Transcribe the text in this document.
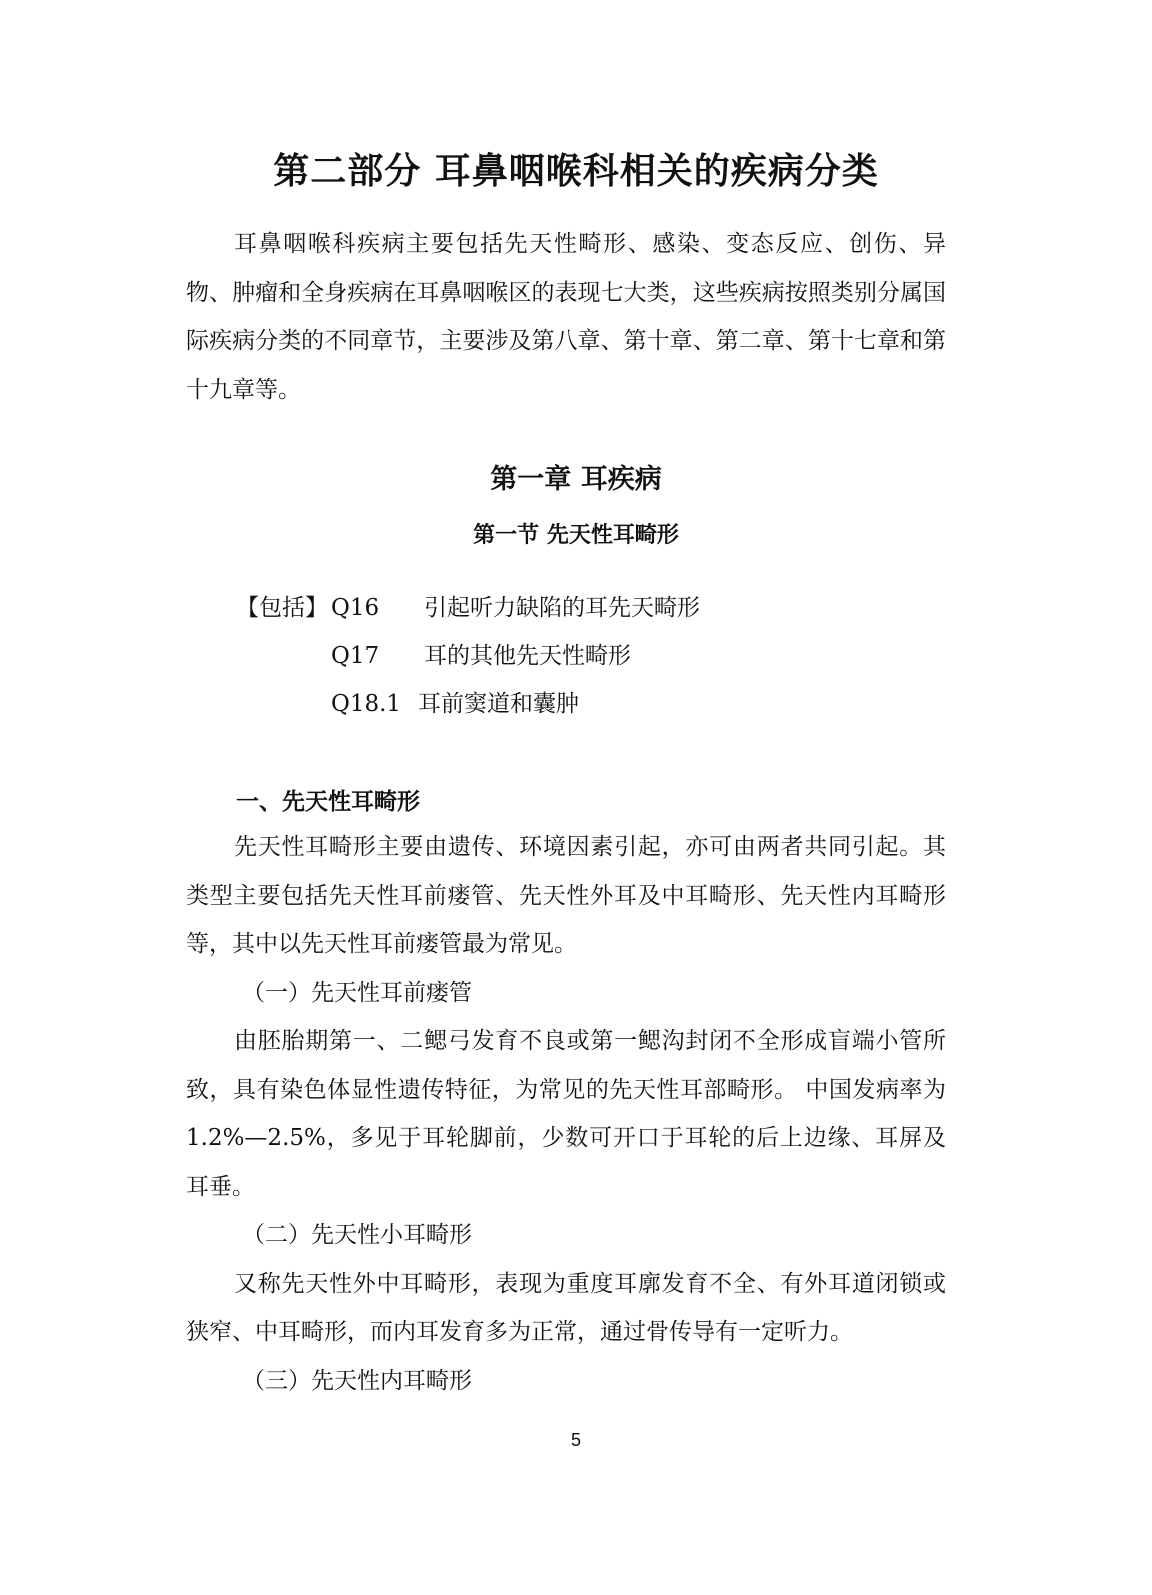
第二部分 耳鼻咽喉科相关的疾病分类

耳鼻咽喉科疾病主要包括先天性畸形、感染、变态反应、创伤、异物、肿瘤和全身疾病在耳鼻咽喉区的表现七大类，这些疾病按照类别分属国际疾病分类的不同章节，主要涉及第八章、第十章、第二章、第十七章和第十九章等。

第一章 耳疾病
第一节 先天性耳畸形
【包括】 Q16 引起听力缺陷的耳先天畸形
Q17 耳的其他先天性畸形
Q18.1 耳前窦道和囊肿
一、先天性耳畸形

先天性耳畸形主要由遗传、环境因素引起，亦可由两者共同引起。其类型主要包括先天性耳前瘘管、先天性外耳及中耳畸形、先天性内耳畸形等，其中以先天性耳前瘘管最为常见。

（一）先天性耳前瘘管

由胚胎期第一、二鳃弓发育不良或第一鳃沟封闭不全形成盲端小管所致，具有染色体显性遗传特征，为常见的先天性耳部畸形。 中国发病率为1.2%—2.5%，多见于耳轮脚前，少数可开口于耳轮的后上边缘、耳屏及耳垂。

（二）先天性小耳畸形

又称先天性外中耳畸形，表现为重度耳廓发育不全、有外耳道闭锁或狭窄、中耳畸形，而内耳发育多为正常，通过骨传导有一定听力。

（三）先天性内耳畸形

5
